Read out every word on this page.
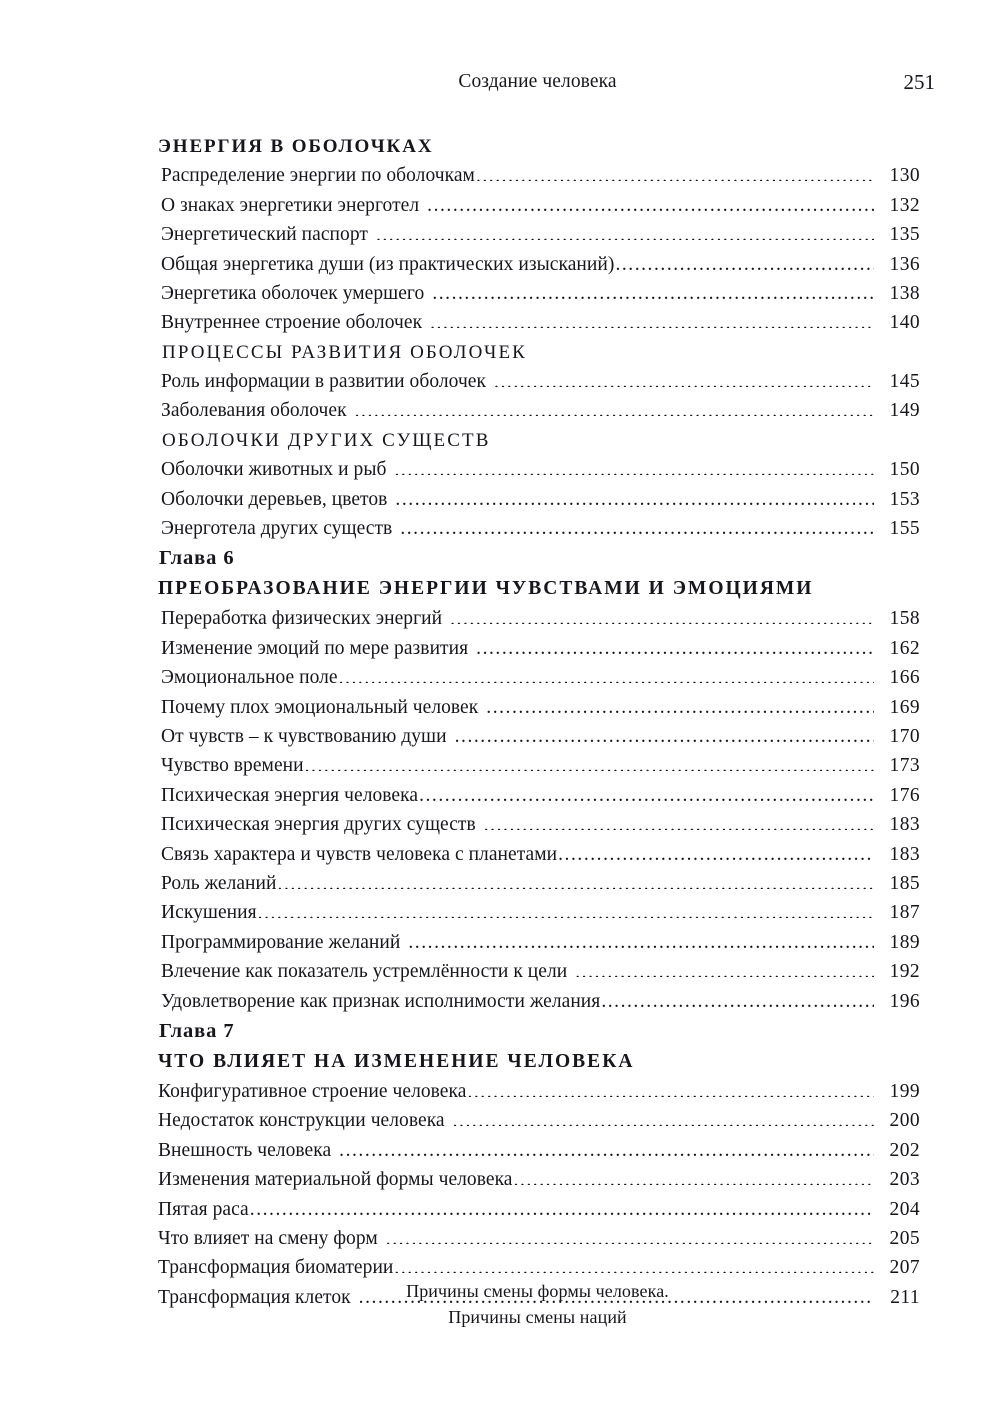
Создание человека	251
ЭНЕРГИЯ В ОБОЛОЧКАХ
Распределение энергии по оболочкам .....	130
О знаках энергетики энерготел .....	132
Энергетический паспорт .....	135
Общая энергетика души (из практических изысканий) .....	136
Энергетика оболочек умершего .....	138
Внутреннее строение оболочек .....	140
ПРОЦЕССЫ РАЗВИТИЯ ОБОЛОЧЕК
Роль информации в развитии оболочек .....	145
Заболевания оболочек .....	149
ОБОЛОЧКИ ДРУГИХ СУЩЕСТВ
Оболочки животных и рыб .....	150
Оболочки деревьев, цветов .....	153
Энерготела других существ .....	155
Глава 6
ПРЕОБРАЗОВАНИЕ ЭНЕРГИИ ЧУВСТВАМИ И ЭМОЦИЯМИ
Переработка физических энергий .....	158
Изменение эмоций по мере развития .....	162
Эмоциональное поле .....	166
Почему плох эмоциональный человек .....	169
От чувств – к чувствованию души .....	170
Чувство времени .....	173
Психическая энергия человека .....	176
Психическая энергия других существ .....	183
Связь характера и чувств человека с планетами .....	183
Роль желаний .....	185
Искушения .....	187
Программирование желаний .....	189
Влечение как показатель устремлённости к цели .....	192
Удовлетворение как признак исполнимости желания .....	196
Глава 7
ЧТО ВЛИЯЕТ НА ИЗМЕНЕНИЕ ЧЕЛОВЕКА
Конфигуративное строение человека .....	199
Недостаток конструкции человека .....	200
Внешность человека .....	202
Изменения материальной формы человека .....	203
Пятая раса .....	204
Что влияет на смену форм .....	205
Трансформация биоматерии .....	207
Трансформация клеток .....	211
Причины смены формы человека.
Причины смены наций
